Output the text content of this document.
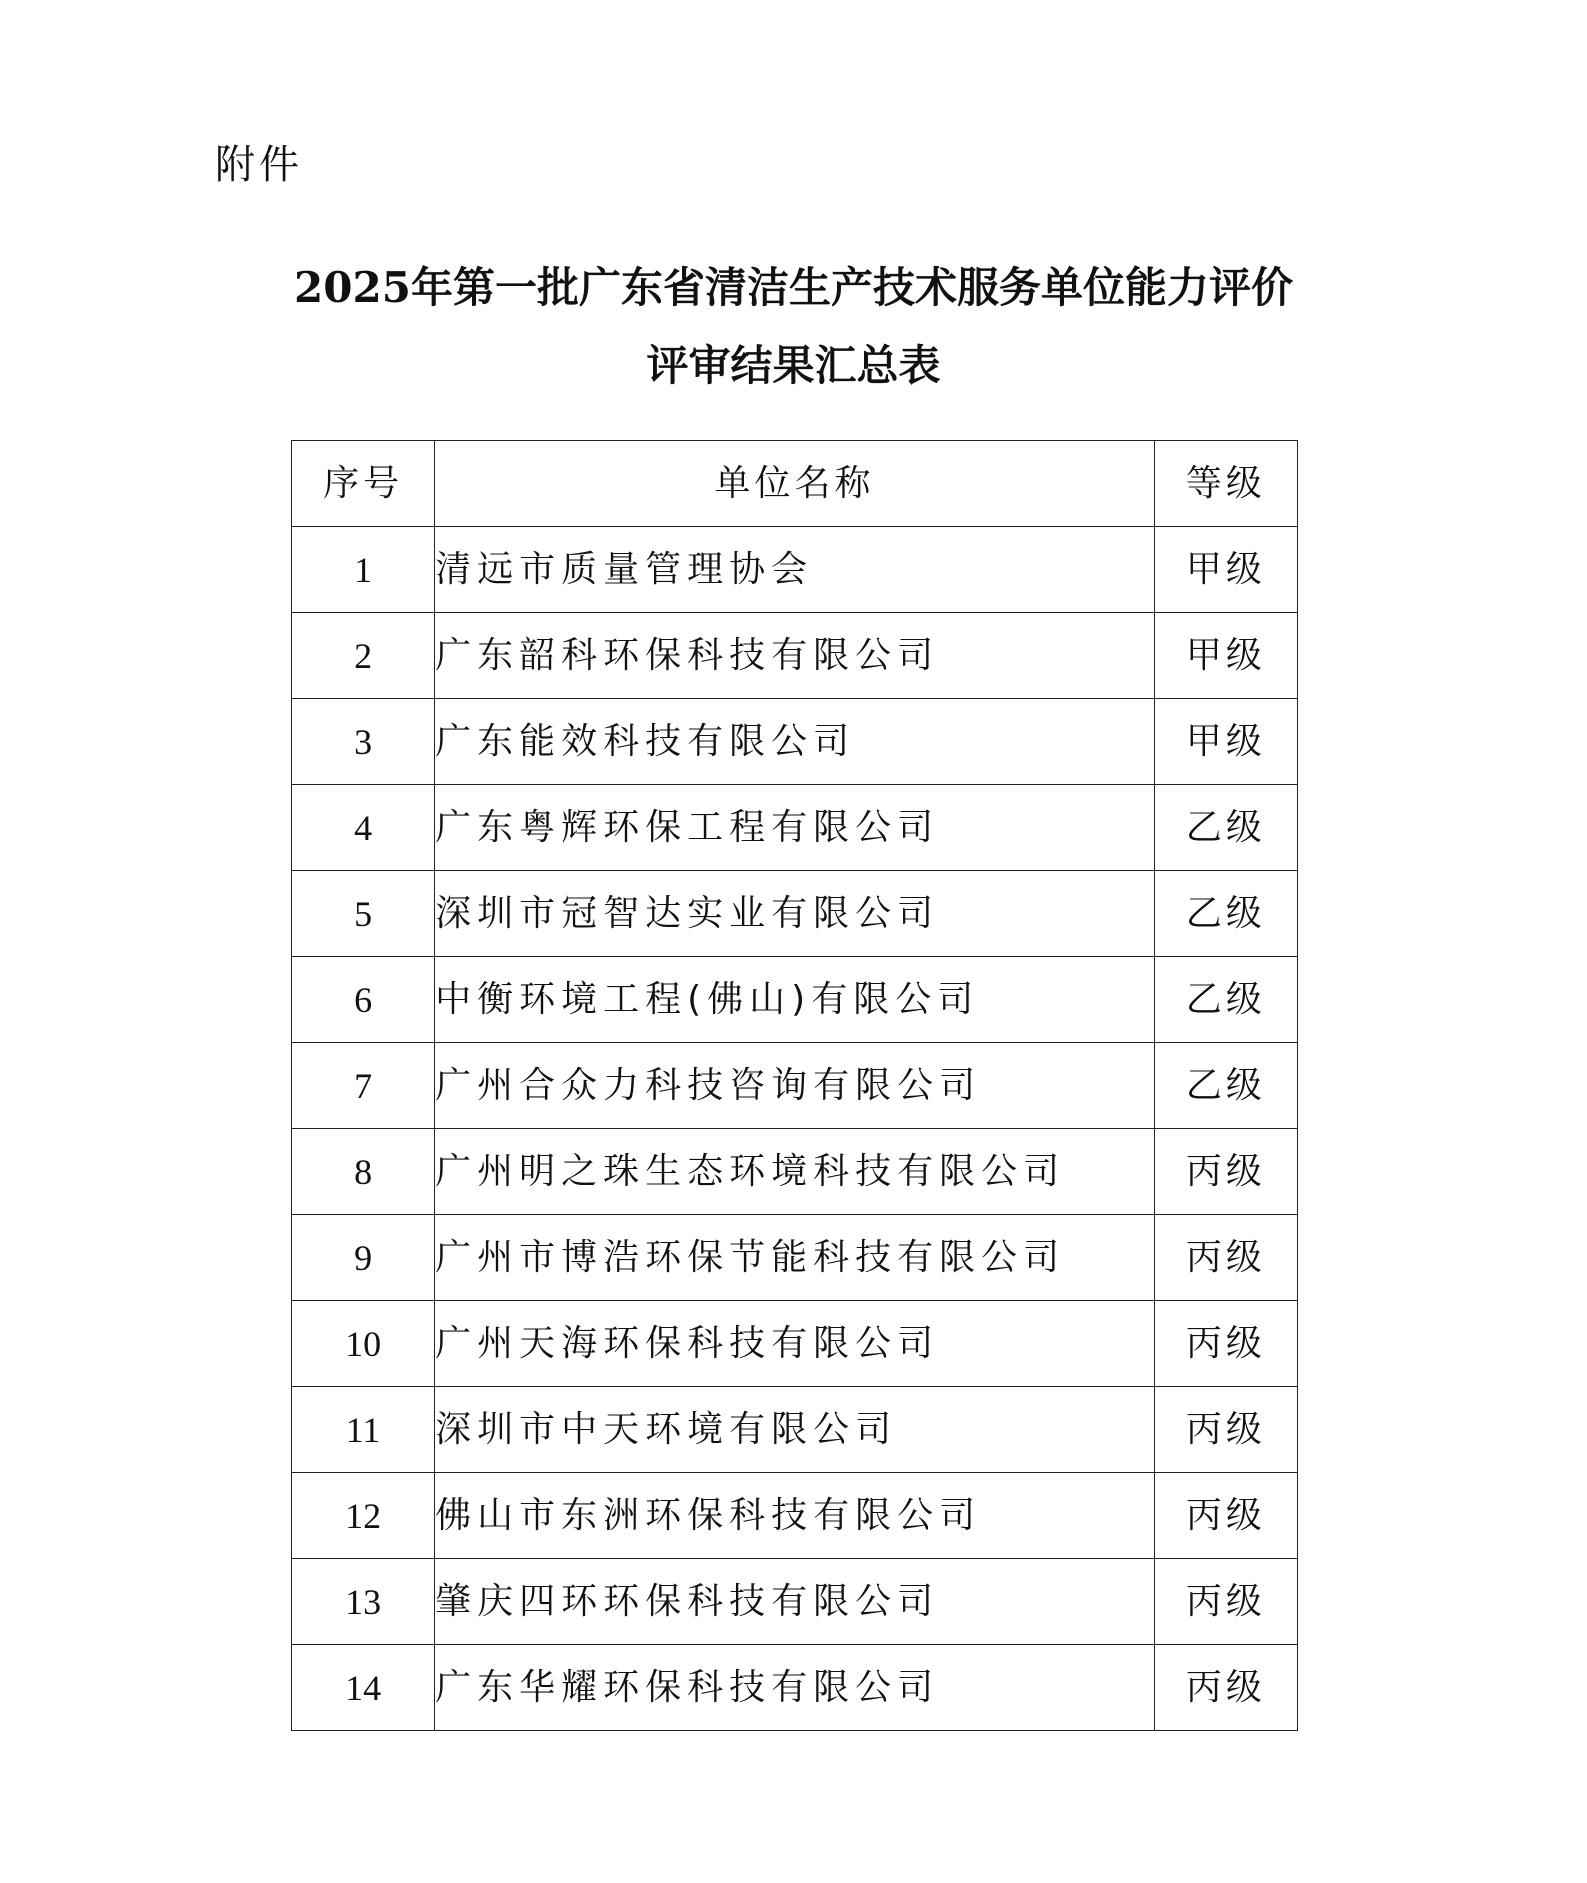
附件
2025年第一批广东省清洁生产技术服务单位能力评价
评审结果汇总表
序号	单位名称	等级
1	清远市质量管理协会	甲级
2	广东韶科环保科技有限公司	甲级
3	广东能效科技有限公司	甲级
4	广东粤辉环保工程有限公司	乙级
5	深圳市冠智达实业有限公司	乙级
6	中衡环境工程(佛山)有限公司	乙级
7	广州合众力科技咨询有限公司	乙级
8	广州明之珠生态环境科技有限公司	丙级
9	广州市博浩环保节能科技有限公司	丙级
10	广州天海环保科技有限公司	丙级
11	深圳市中天环境有限公司	丙级
12	佛山市东洲环保科技有限公司	丙级
13	肇庆四环环保科技有限公司	丙级
14	广东华耀环保科技有限公司	丙级
